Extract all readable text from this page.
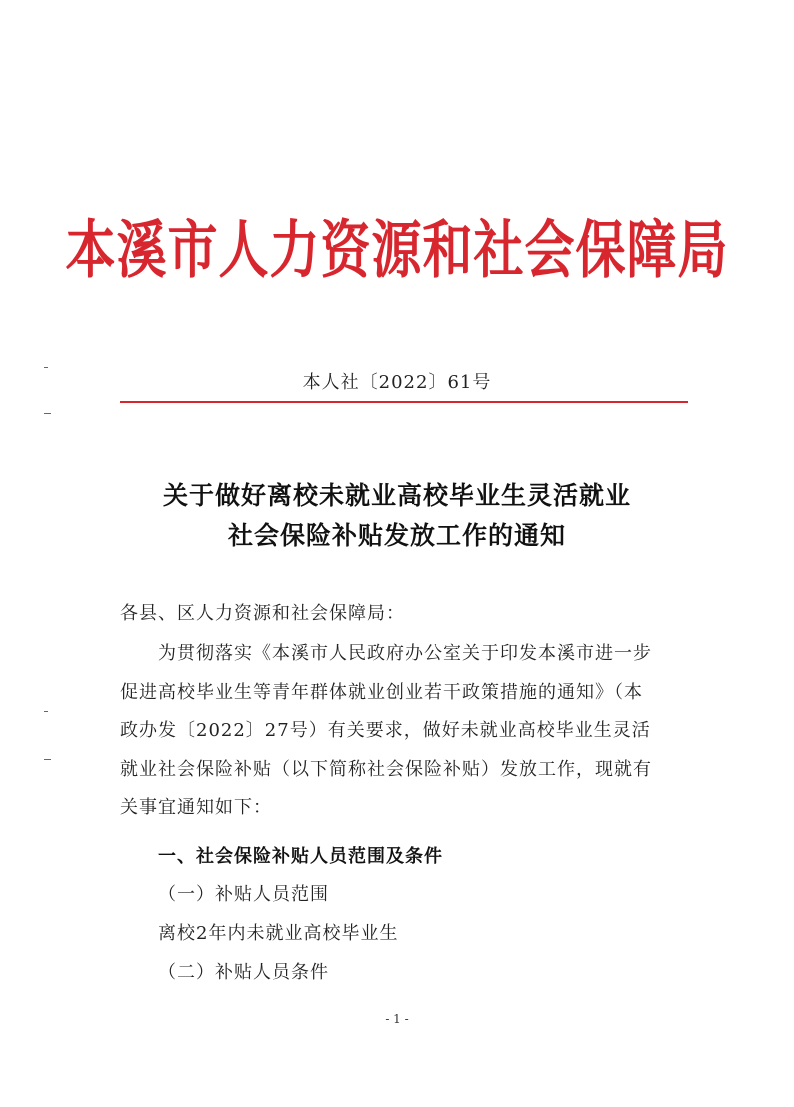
本溪市人力资源和社会保障局

本人社〔2022〕61号

关于做好离校未就业高校毕业生灵活就业
社会保险补贴发放工作的通知

各县、区人力资源和社会保障局：

为贯彻落实《本溪市人民政府办公室关于印发本溪市进一步

促进高校毕业生等青年群体就业创业若干政策措施的通知》（本

政办发〔2022〕27号）有关要求，做好未就业高校毕业生灵活

就业社会保险补贴（以下简称社会保险补贴）发放工作，现就有

关事宜通知如下：

一、社会保险补贴人员范围及条件

（一）补贴人员范围

离校2年内未就业高校毕业生

（二）补贴人员条件

- 1 -
